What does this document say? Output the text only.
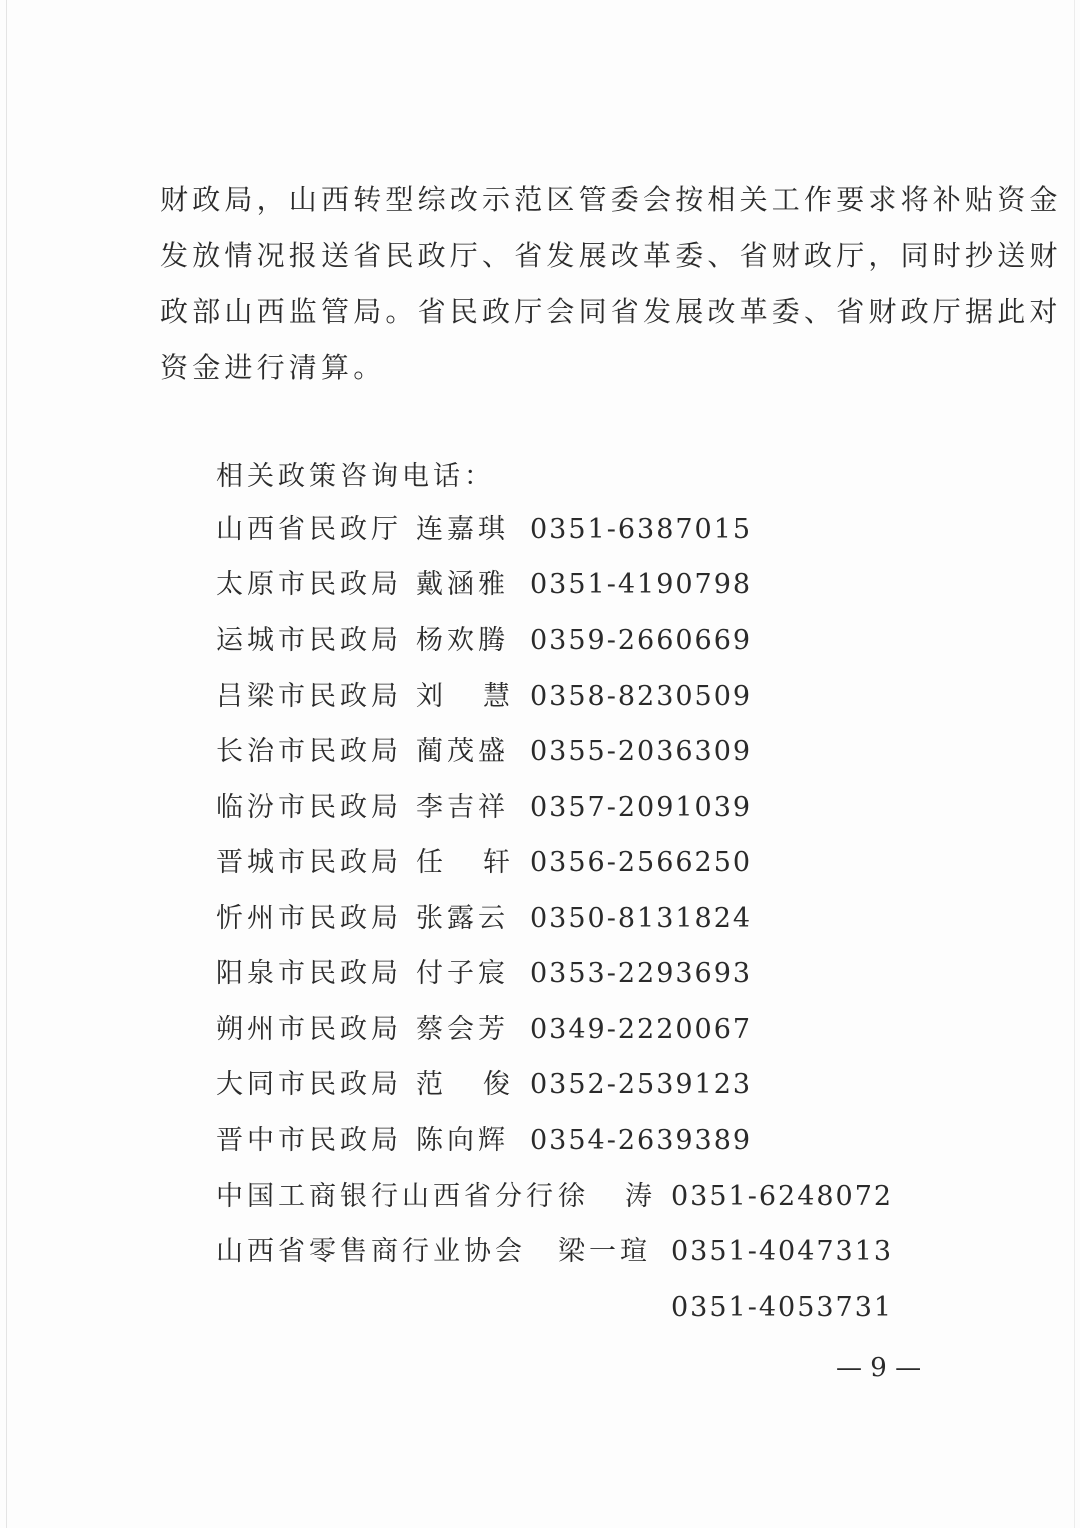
财政局，山西转型综改示范区管委会按相关工作要求将补贴资金
发放情况报送省民政厅、省发展改革委、省财政厅，同时抄送财
政部山西监管局。省民政厅会同省发展改革委、省财政厅据此对
资金进行清算。

相关政策咨询电话：

山西省民政厅 连嘉琪 0351-6387015
太原市民政局 戴涵雅 0351-4190798
运城市民政局 杨欢腾 0359-2660669
吕梁市民政局 刘慧
0358-8230509
长治市民政局 蔺茂盛 0355-2036309
临汾市民政局 李吉祥 0357-2091039
晋城市民政局 任轩
0356-2566250
忻州市民政局 张露云 0350-8131824
阳泉市民政局 付子宸 0353-2293693
朔州市民政局 蔡会芳 0349-2220067
大同市民政局 范俊
0352-2539123
晋中市民政局 陈向辉 0354-2639389
中国工商银行山西省分行 徐涛
0351-6248072
山西省零售商行业协会 梁一瑄 0351-4047313
0351-4053731
— 9 —
